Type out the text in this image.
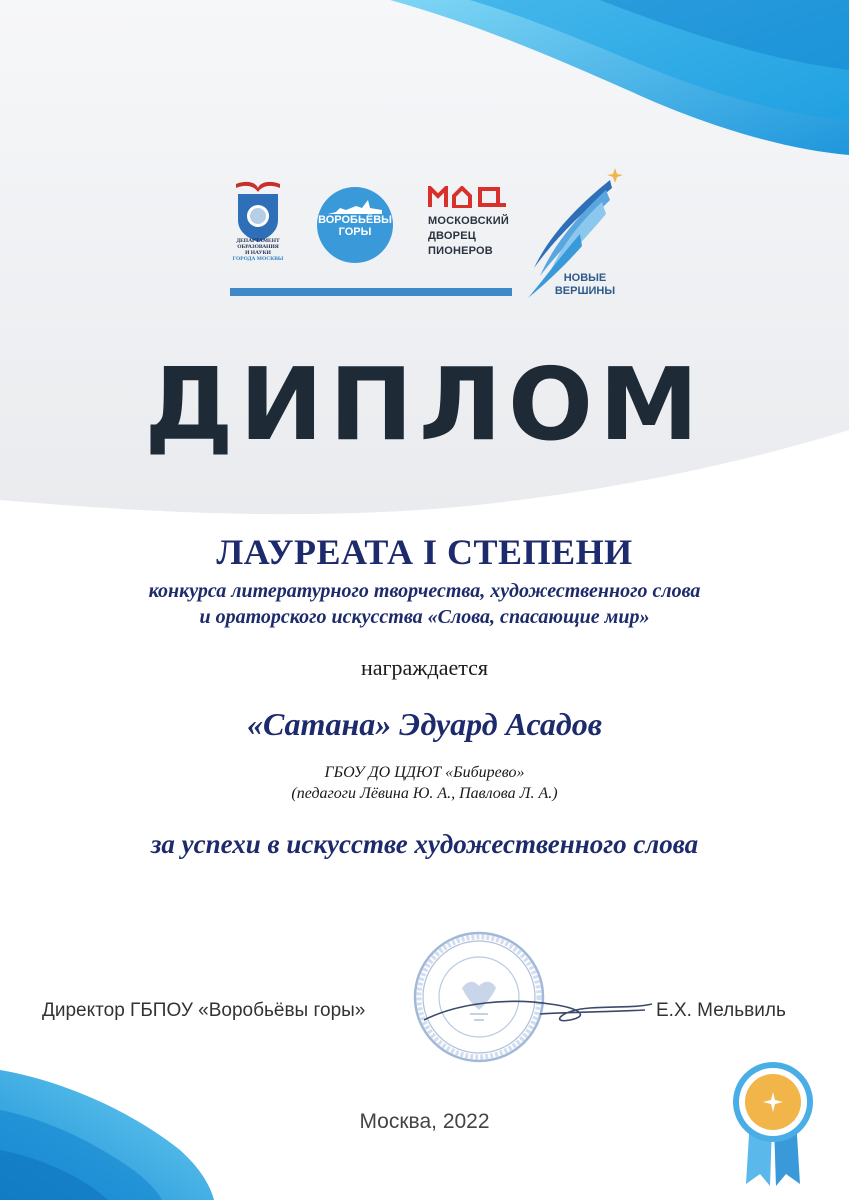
ДЕПАРТАМЕНТ
ОБРАЗОВАНИЯ
И НАУКИ
ГОРОДА МОСКВЫ
ВОРОБЬЁВЫ
ГОРЫ
МОСКОВСКИЙ
ДВОРЕЦ
ПИОНЕРОВ
НОВЫЕ
ВЕРШИНЫ
ДИПЛОМ
ЛАУРЕАТА I СТЕПЕНИ
конкурса литературного творчества, художественного слова
и ораторского искусства «Слова, спасающие мир»
награждается
«Сатана» Эдуард Асадов
ГБОУ ДО ЦДЮТ «Бибирево»
(педагоги Лёвина Ю. А., Павлова Л. А.)
за успехи в искусстве художественного слова
Директор ГБПОУ «Воробьёвы горы»	Е.Х. Мельвиль
Москва, 2022
